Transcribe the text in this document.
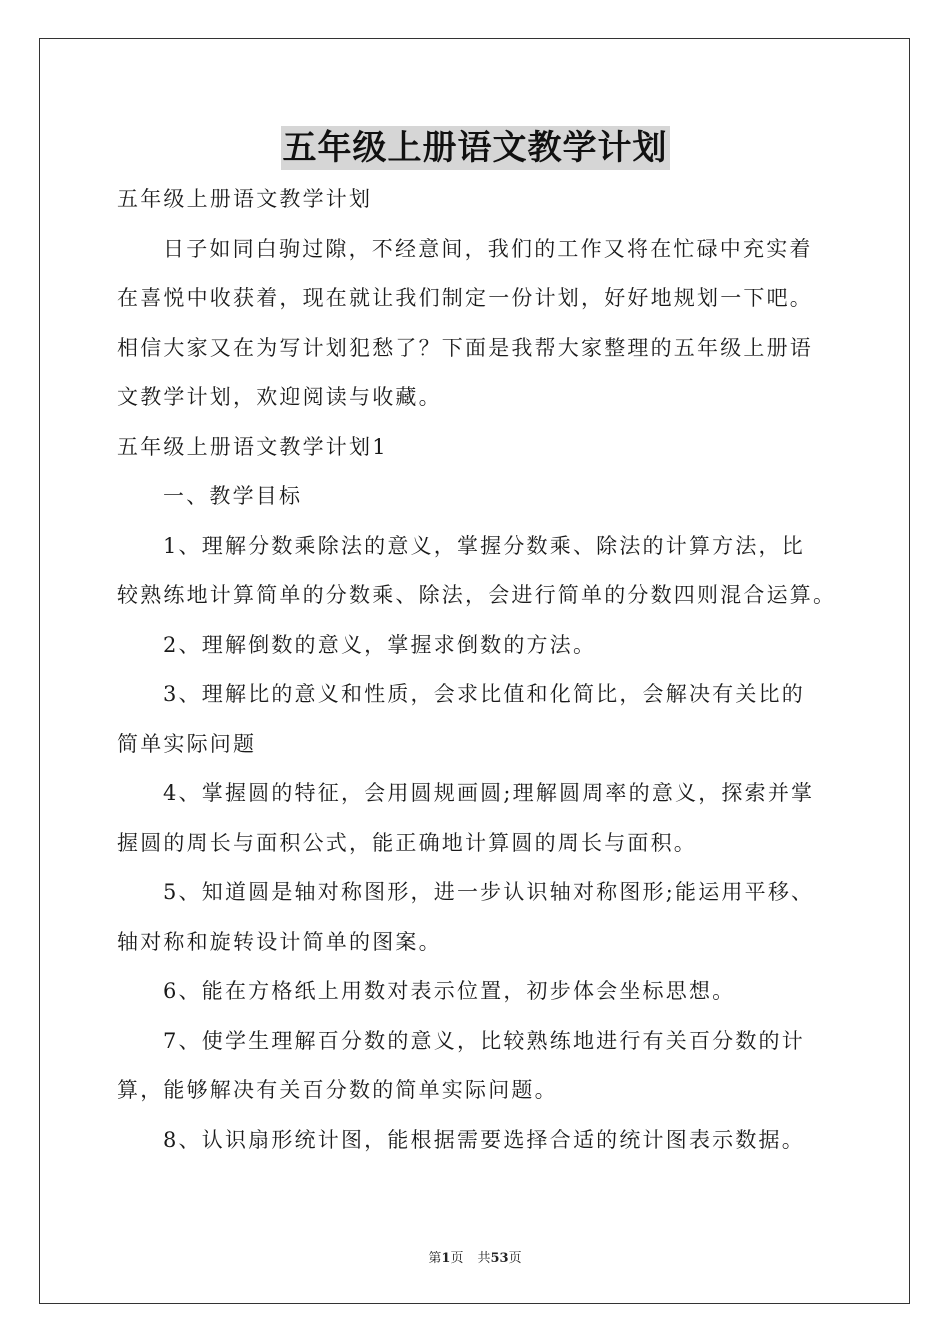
五年级上册语文教学计划
五年级上册语文教学计划
日子如同白驹过隙，不经意间，我们的工作又将在忙碌中充实着
在喜悦中收获着，现在就让我们制定一份计划，好好地规划一下吧。
相信大家又在为写计划犯愁了？下面是我帮大家整理的五年级上册语
文教学计划，欢迎阅读与收藏。
五年级上册语文教学计划1
一、教学目标
1、理解分数乘除法的意义，掌握分数乘、除法的计算方法，比
较熟练地计算简单的分数乘、除法，会进行简单的分数四则混合运算。
2、理解倒数的意义，掌握求倒数的方法。
3、理解比的意义和性质，会求比值和化简比，会解决有关比的
简单实际问题
4、掌握圆的特征，会用圆规画圆;理解圆周率的意义，探索并掌
握圆的周长与面积公式，能正确地计算圆的周长与面积。
5、知道圆是轴对称图形，进一步认识轴对称图形;能运用平移、
轴对称和旋转设计简单的图案。
6、能在方格纸上用数对表示位置，初步体会坐标思想。
7、使学生理解百分数的意义，比较熟练地进行有关百分数的计
算，能够解决有关百分数的简单实际问题。
8、认识扇形统计图，能根据需要选择合适的统计图表示数据。
第1页 共53页
